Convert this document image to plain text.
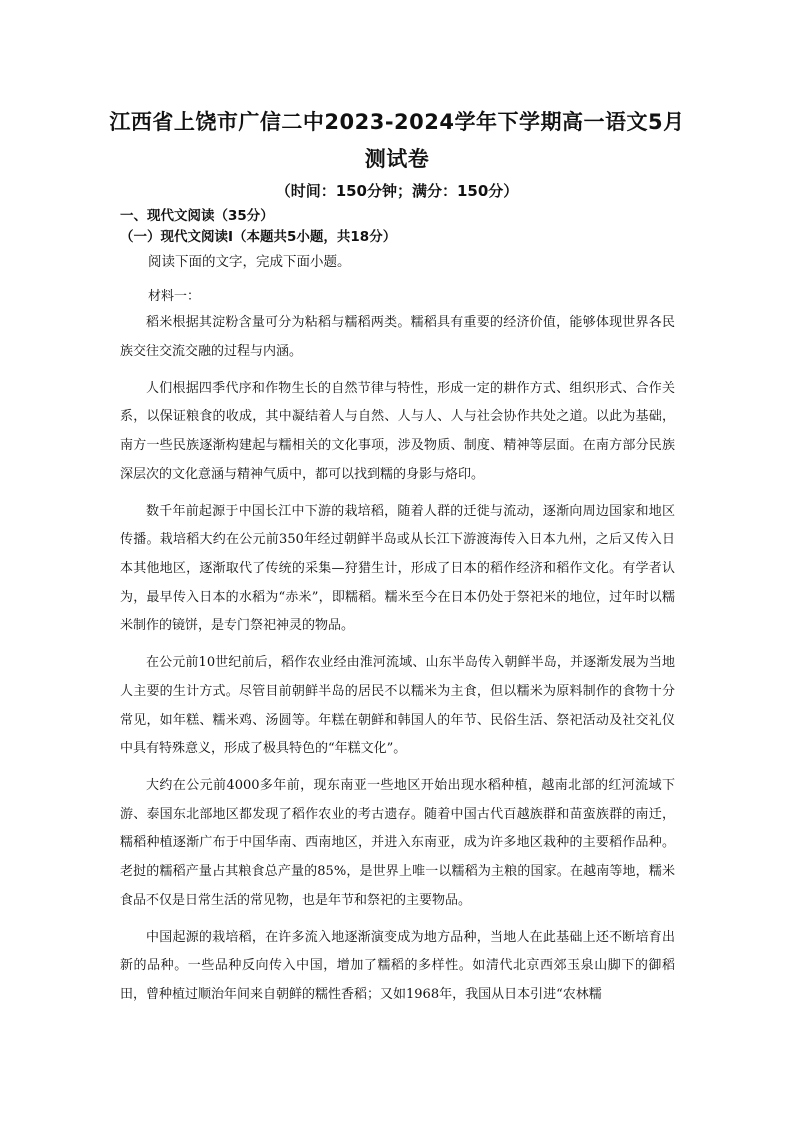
江西省上饶市广信二中2023-2024学年下学期高一语文5月
测试卷
（时间：150分钟；满分：150分）
一、现代文阅读（35分）
（一）现代文阅读Ⅰ（本题共5小题，共18分）
阅读下面的文字，完成下面小题。
材料一：

稻米根据其淀粉含量可分为粘稻与糯稻两类。糯稻具有重要的经济价值，能够体现世界各民族交往交流交融的过程与内涵。

人们根据四季代序和作物生长的自然节律与特性，形成一定的耕作方式、组织形式、合作关系，以保证粮食的收成，其中凝结着人与自然、人与人、人与社会协作共处之道。以此为基础，南方一些民族逐渐构建起与糯相关的文化事项，涉及物质、制度、精神等层面。在南方部分民族深层次的文化意涵与精神气质中，都可以找到糯的身影与烙印。

数千年前起源于中国长江中下游的栽培稻，随着人群的迁徙与流动，逐渐向周边国家和地区传播。栽培稻大约在公元前350年经过朝鲜半岛或从长江下游渡海传入日本九州，之后又传入日本其他地区，逐渐取代了传统的采集—狩猎生计，形成了日本的稻作经济和稻作文化。有学者认为，最早传入日本的水稻为“赤米”，即糯稻。糯米至今在日本仍处于祭祀米的地位，过年时以糯米制作的镜饼，是专门祭祀神灵的物品。

在公元前10世纪前后，稻作农业经由淮河流域、山东半岛传入朝鲜半岛，并逐渐发展为当地人主要的生计方式。尽管目前朝鲜半岛的居民不以糯米为主食，但以糯米为原料制作的食物十分常见，如年糕、糯米鸡、汤圆等。年糕在朝鲜和韩国人的年节、民俗生活、祭祀活动及社交礼仪中具有特殊意义，形成了极具特色的“年糕文化”。

大约在公元前4000多年前，现东南亚一些地区开始出现水稻种植，越南北部的红河流域下游、泰国东北部地区都发现了稻作农业的考古遗存。随着中国古代百越族群和苗蛮族群的南迁，糯稻种植逐渐广布于中国华南、西南地区，并进入东南亚，成为许多地区栽种的主要稻作品种。老挝的糯稻产量占其粮食总产量的85%，是世界上唯一以糯稻为主粮的国家。在越南等地，糯米食品不仅是日常生活的常见物，也是年节和祭祀的主要物品。

中国起源的栽培稻，在许多流入地逐渐演变成为地方品种，当地人在此基础上还不断培育出新的品种。一些品种反向传入中国，增加了糯稻的多样性。如清代北京西郊玉泉山脚下的御稻田，曾种植过顺治年间来自朝鲜的糯性香稻；又如1968年，我国从日本引进“农林糯
